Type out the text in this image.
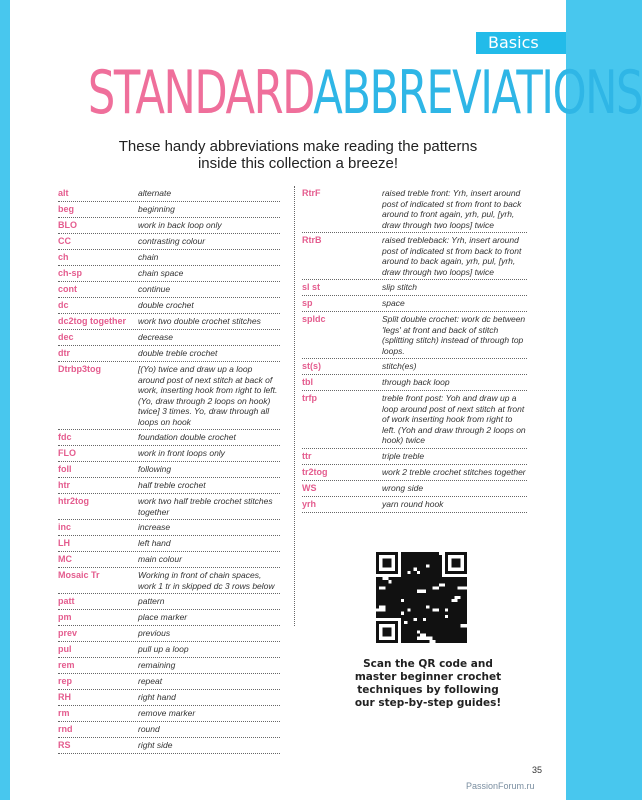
Basics
STANDARDABBREVIATIONS
These handy abbreviations make reading the patterns
inside this collection a breeze!
alt	alternate
beg	beginning
BLO	work in back loop only
CC	contrasting colour
ch	chain
ch-sp	chain space
cont	continue
dc	double crochet
dc2tog together	work two double crochet stitches
dec	decrease
dtr	double treble crochet
Dtrbp3tog	[(Yo) twice and draw up a loop around post of next stitch at back of work, inserting hook from right to left. (Yo, draw through 2 loops on hook) twice] 3 times. Yo, draw through all loops on hook
fdc	foundation double crochet
FLO	work in front loops only
foll	following
htr	half treble crochet
htr2tog	work two half treble crochet stitches together
inc	increase
LH	left hand
MC	main colour
Mosaic Tr	Working in front of chain spaces, work 1 tr in skipped dc 3 rows below
patt	pattern
pm	place marker
prev	previous
pul	pull up a loop
rem	remaining
rep	repeat
RH	right hand
rm	remove marker
rnd	round
RS	right side
RtrF	raised treble front: Yrh, insert around post of indicated st from front to back around to front again, yrh, pul, [yrh, draw through two loops] twice
RtrB	raised trebleback: Yrh, insert around post of indicated st from back to front around to back again, yrh, pul, [yrh, draw through two loops] twice
sl st	slip stitch
sp	space
spldc	Split double crochet: work dc between 'legs' at front and back of stitch (splitting stitch) instead of through top loops.
st(s)	stitch(es)
tbl	through back loop
trfp	treble front post: Yoh and draw up a loop around post of next stitch at front of work inserting hook from right to left. (Yoh and draw through 2 loops on hook) twice
ttr	triple treble
tr2tog	work 2 treble crochet stitches together
WS	wrong side
yrh	yarn round hook
Scan the QR code and master beginner crochet techniques by following our step-by-step guides!
35
PassionForum.ru
